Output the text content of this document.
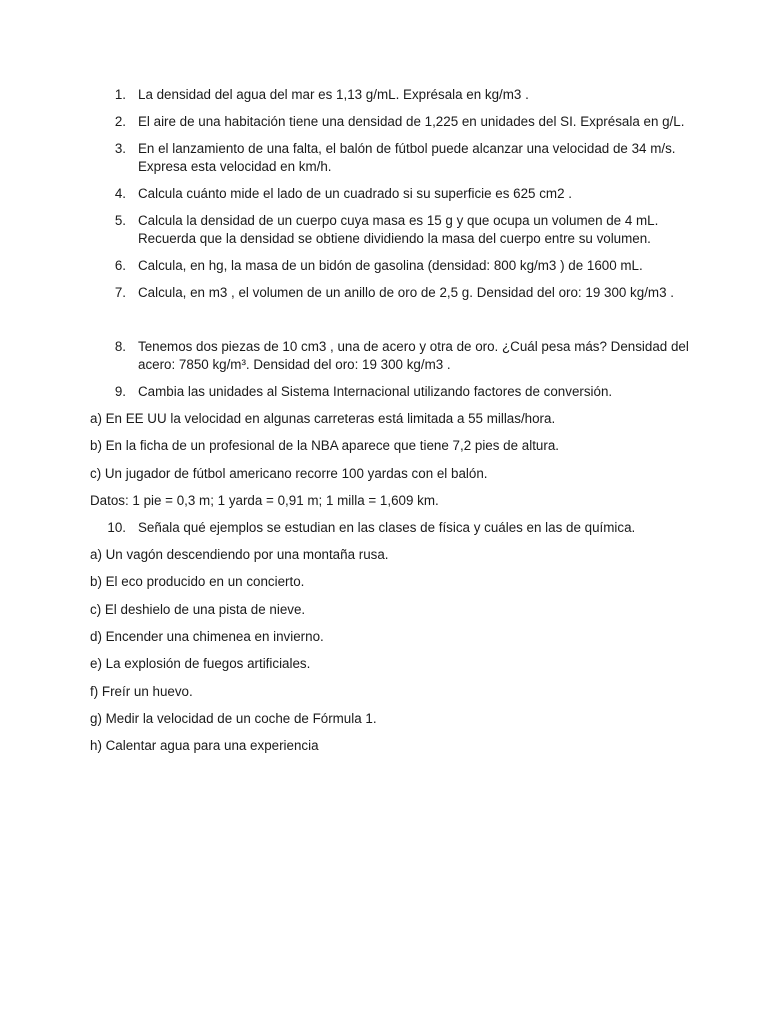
1. La densidad del agua del mar es 1,13 g/mL. Exprésala en kg/m3 .
2. El aire de una habitación tiene una densidad de 1,225 en unidades del SI. Exprésala en g/L.
3. En el lanzamiento de una falta, el balón de fútbol puede alcanzar una velocidad de 34 m/s. Expresa esta velocidad en km/h.
4. Calcula cuánto mide el lado de un cuadrado si su superficie es 625 cm2 .
5. Calcula la densidad de un cuerpo cuya masa es 15 g y que ocupa un volumen de 4 mL. Recuerda que la densidad se obtiene dividiendo la masa del cuerpo entre su volumen.
6. Calcula, en hg, la masa de un bidón de gasolina (densidad: 800 kg/m3 ) de 1600 mL.
7. Calcula, en m3 , el volumen de un anillo de oro de 2,5 g. Densidad del oro: 19 300 kg/m3 .
8. Tenemos dos piezas de 10 cm3 , una de acero y otra de oro. ¿Cuál pesa más? Densidad del acero: 7850 kg/m³. Densidad del oro: 19 300 kg/m3 .
9. Cambia las unidades al Sistema Internacional utilizando factores de conversión.
a) En EE UU la velocidad en algunas carreteras está limitada a 55 millas/hora.
b) En la ficha de un profesional de la NBA aparece que tiene 7,2 pies de altura.
c) Un jugador de fútbol americano recorre 100 yardas con el balón.
Datos: 1 pie = 0,3 m; 1 yarda = 0,91 m; 1 milla = 1,609 km.
10. Señala qué ejemplos se estudian en las clases de física y cuáles en las de química.
a) Un vagón descendiendo por una montaña rusa.
b) El eco producido en un concierto.
c) El deshielo de una pista de nieve.
d) Encender una chimenea en invierno.
e) La explosión de fuegos artificiales.
f) Freír un huevo.
g) Medir la velocidad de un coche de Fórmula 1.
h) Calentar agua para una experiencia
